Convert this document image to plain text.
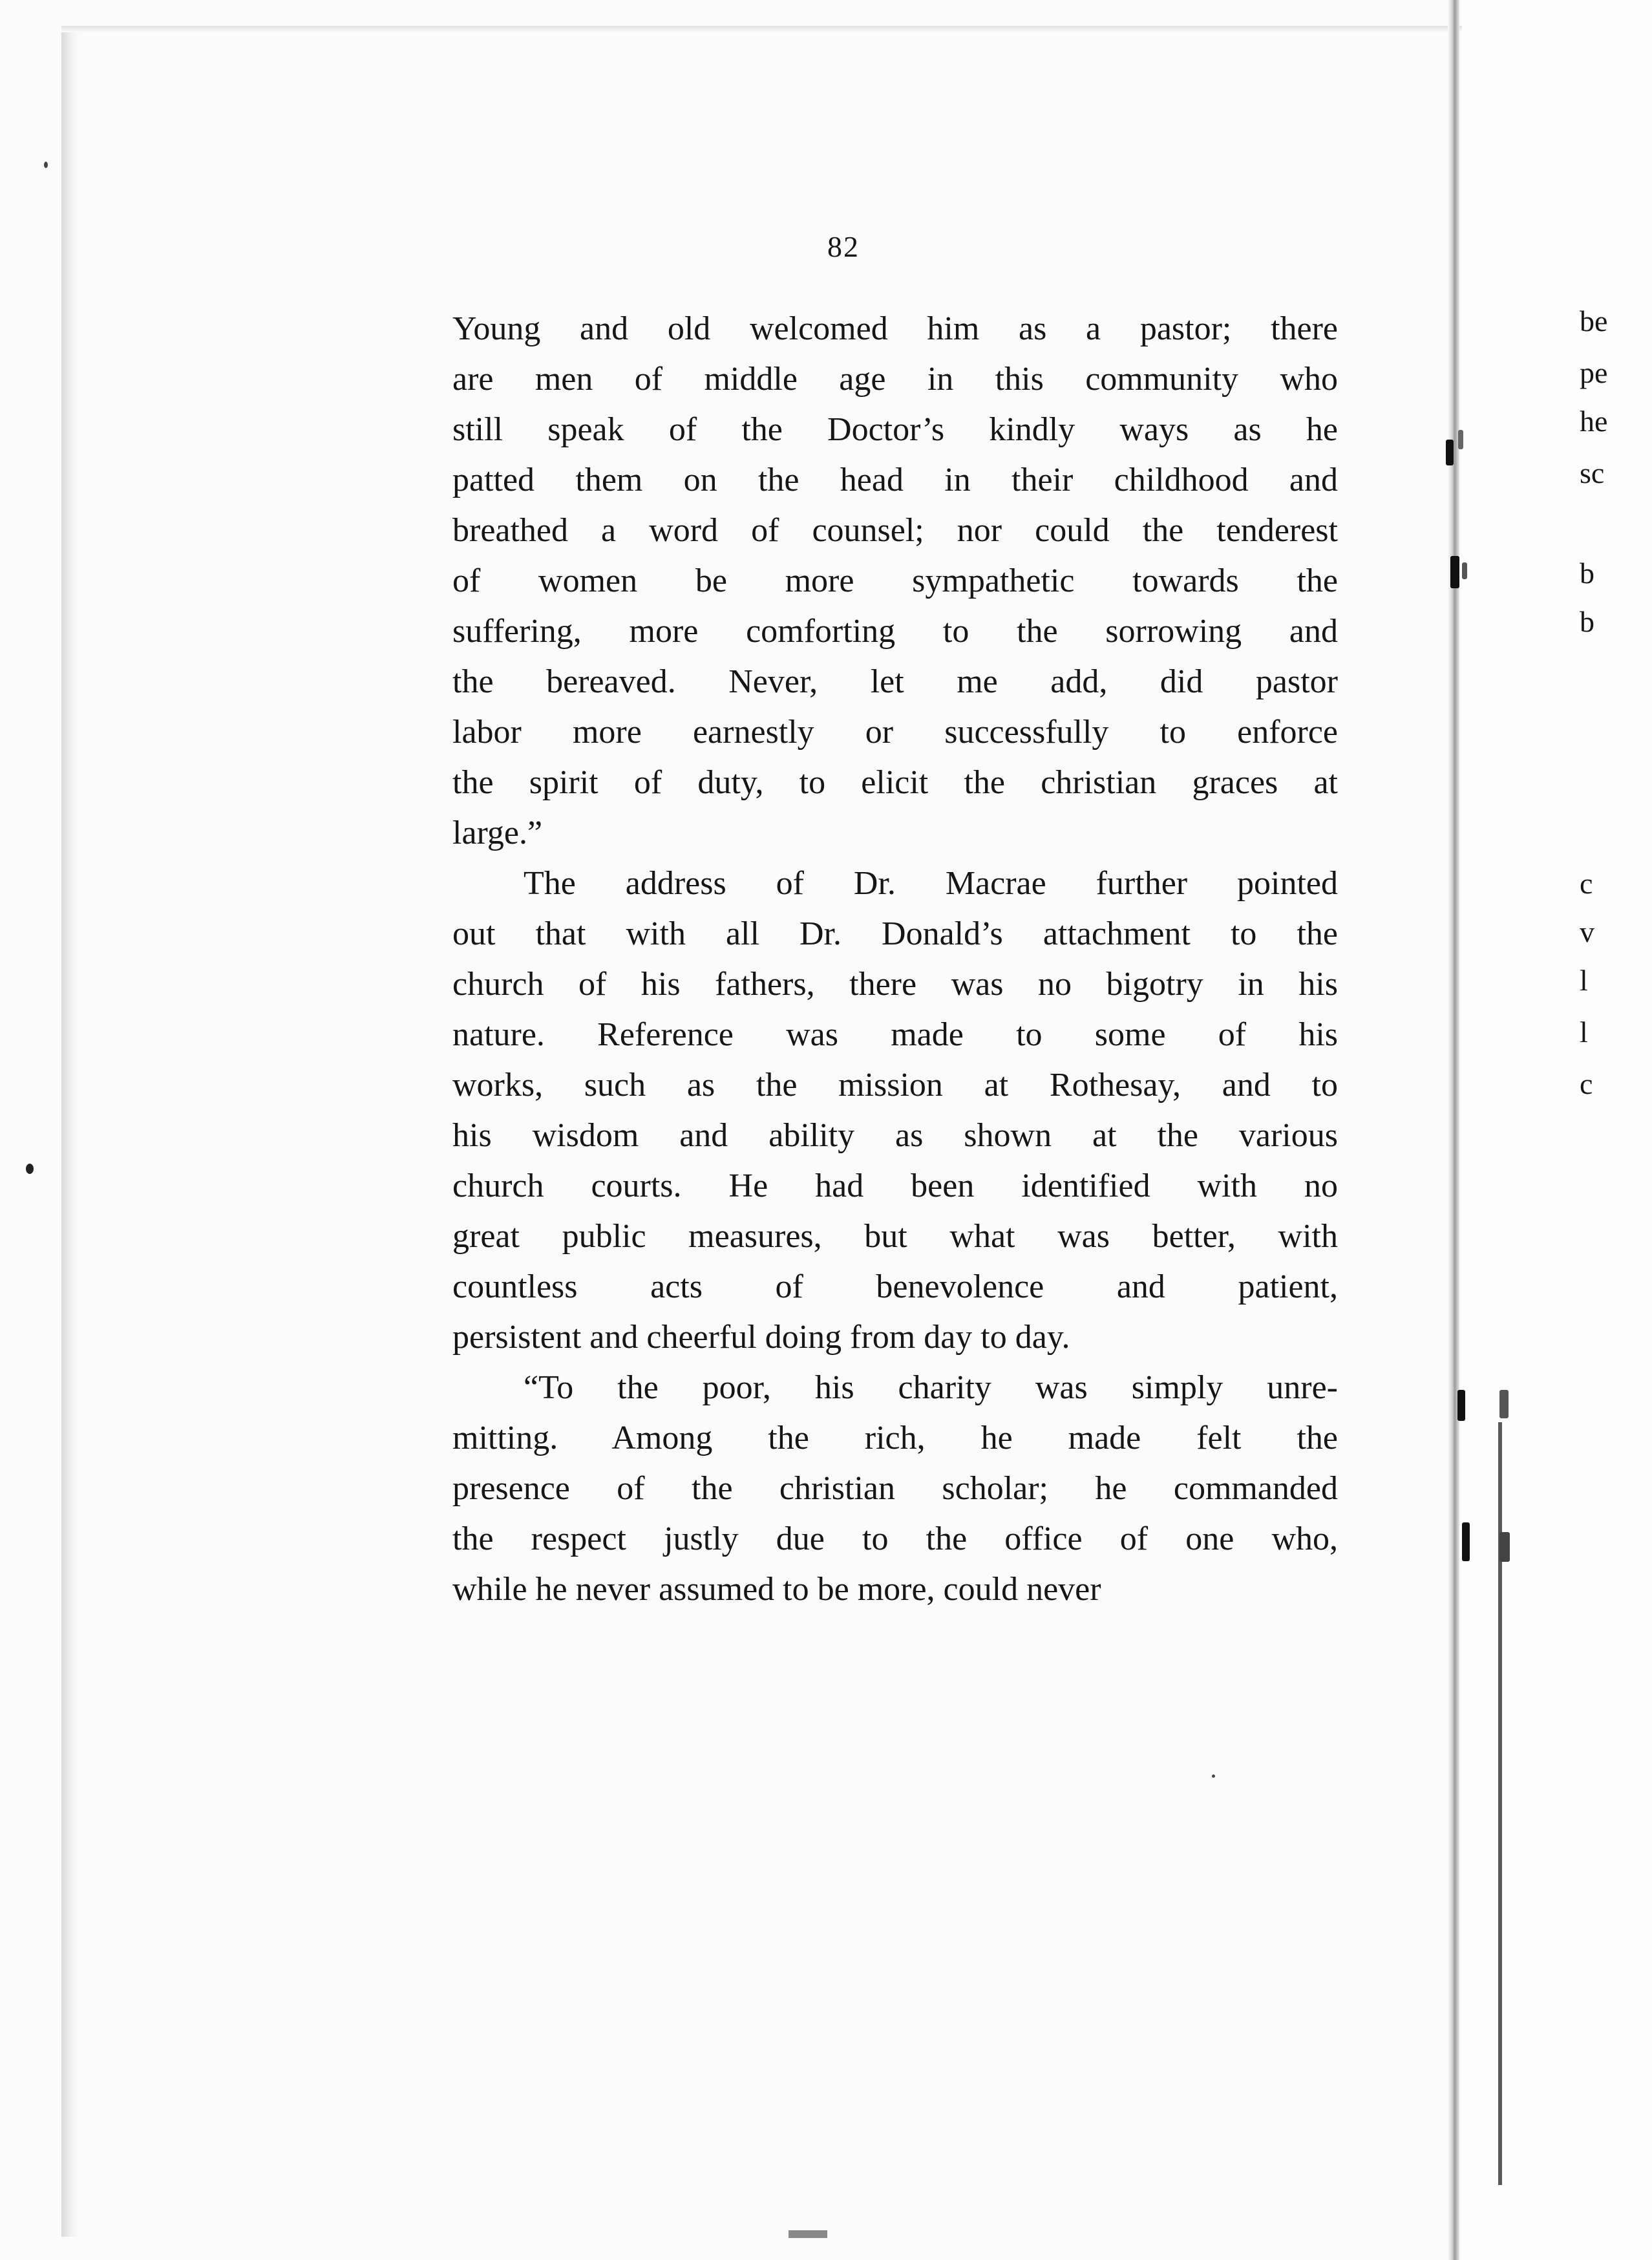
82
Young and old welcomed him as a pastor; there
are men of middle age in this community who
still speak of the Doctor’s kindly ways as he
patted them on the head in their childhood and
breathed a word of counsel; nor could the tenderest
of women be more sympathetic towards the
suffering, more comforting to the sorrowing and
the bereaved. Never, let me add, did pastor
labor more earnestly or successfully to enforce
the spirit of duty, to elicit the christian graces at
large.”
The address of Dr. Macrae further pointed
out that with all Dr. Donald’s attachment to the
church of his fathers, there was no bigotry in his
nature. Reference was made to some of his
works, such as the mission at Rothesay, and to
his wisdom and ability as shown at the various
church courts. He had been identified with no
great public measures, but what was better, with
countless acts of benevolence and patient,
persistent and cheerful doing from day to day.
“To the poor, his charity was simply unre-
mitting. Among the rich, he made felt the
presence of the christian scholar; he commanded
the respect justly due to the office of one who,
while he never assumed to be more, could never
be
pe
he
sc
b
b
c
v
l
l
c
